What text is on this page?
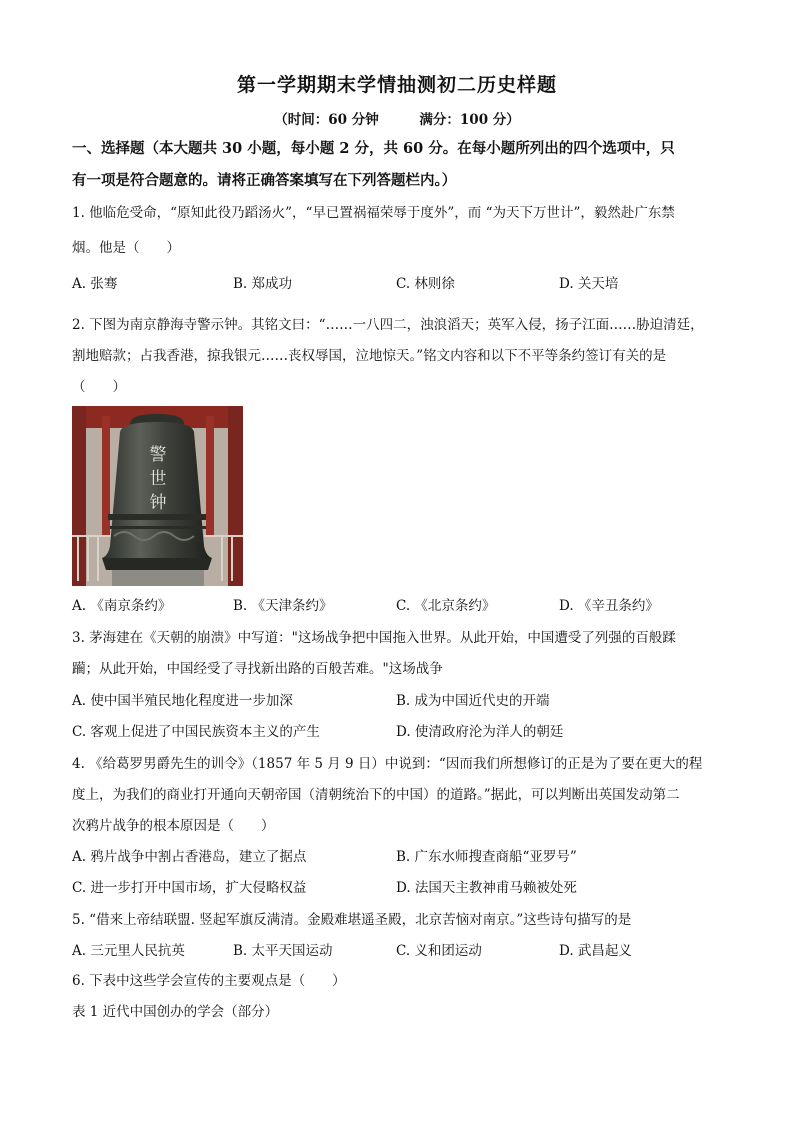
第一学期期末学情抽测初二历史样题
（时间：60 分钟	满分：100 分）
一、选择题（本大题共 30 小题，每小题 2 分，共 60 分。在每小题所列出的四个选项中，只
有一项是符合题意的。请将正确答案填写在下列答题栏内。）
1. 他临危受命，“原知此役乃蹈汤火”，“早已置祸福荣辱于度外”，而 “为天下万世计”，毅然赴广东禁
烟。他是（　　）
A. 张骞	B. 郑成功	C. 林则徐	D. 关天培
2. 下图为南京静海寺警示钟。其铭文曰：“……一八四二，浊浪滔天；英军入侵，扬子江面……胁迫清廷，
割地赔款；占我香港，掠我银元……丧权辱国，泣地惊天。”铭文内容和以下不平等条约签订有关的是
（　　）
警
世
钟
A. 《南京条约》	B. 《天津条约》	C. 《北京条约》	D. 《辛丑条约》
3. 茅海建在《天朝的崩溃》中写道："这场战争把中国拖入世界。从此开始，中国遭受了列强的百般蹂
躏；从此开始，中国经受了寻找新出路的百般苦难。"这场战争
A. 使中国半殖民地化程度进一步加深	B. 成为中国近代史的开端
C. 客观上促进了中国民族资本主义的产生	D. 使清政府沦为洋人的朝廷
4. 《给葛罗男爵先生的训令》（1857 年 5 月 9 日）中说到：“因而我们所想修订的正是为了要在更大的程
度上，为我们的商业打开通向天朝帝国（清朝统治下的中国）的道路。”据此，可以判断出英国发动第二
次鸦片战争的根本原因是（　　）
A. 鸦片战争中割占香港岛，建立了据点	B. 广东水师搜查商船“亚罗号”
C. 进一步打开中国市场，扩大侵略权益	D. 法国天主教神甫马赖被处死
5. “借来上帝结联盟. 竖起军旗反满清。金殿难堪遥圣殿，北京苦恼对南京。”这些诗句描写的是
A. 三元里人民抗英	B. 太平天国运动	C. 义和团运动	D. 武昌起义
6. 下表中这些学会宣传的主要观点是（　　）
表 1 近代中国创办的学会（部分）
